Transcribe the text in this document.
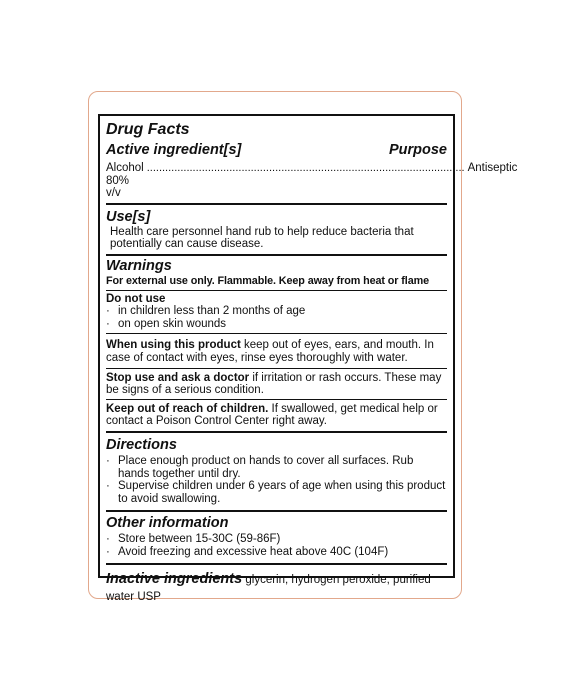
Drug Facts
Active ingredient[s]	Purpose
Alcohol 80% v/v
........................................................................................................ Antiseptic
Use[s]
Health care personnel hand rub to help reduce bacteria that potentially can cause disease.
Warnings
For external use only. Flammable. Keep away from heat or flame
Do not use
· in children less than 2 months of age
· on open skin wounds
When using this product keep out of eyes, ears, and mouth. In case of contact with eyes, rinse eyes thoroughly with water.
Stop use and ask a doctor if irritation or rash occurs. These may be signs of a serious condition.
Keep out of reach of children. If swallowed, get medical help or contact a Poison Control Center right away.
Directions
· Place enough product on hands to cover all surfaces. Rub hands together until dry.
· Supervise children under 6 years of age when using this product to avoid swallowing.
Other information
· Store between 15-30C (59-86F)
· Avoid freezing and excessive heat above 40C (104F)
Inactive ingredients glycerin, hydrogen peroxide, purified water USP
